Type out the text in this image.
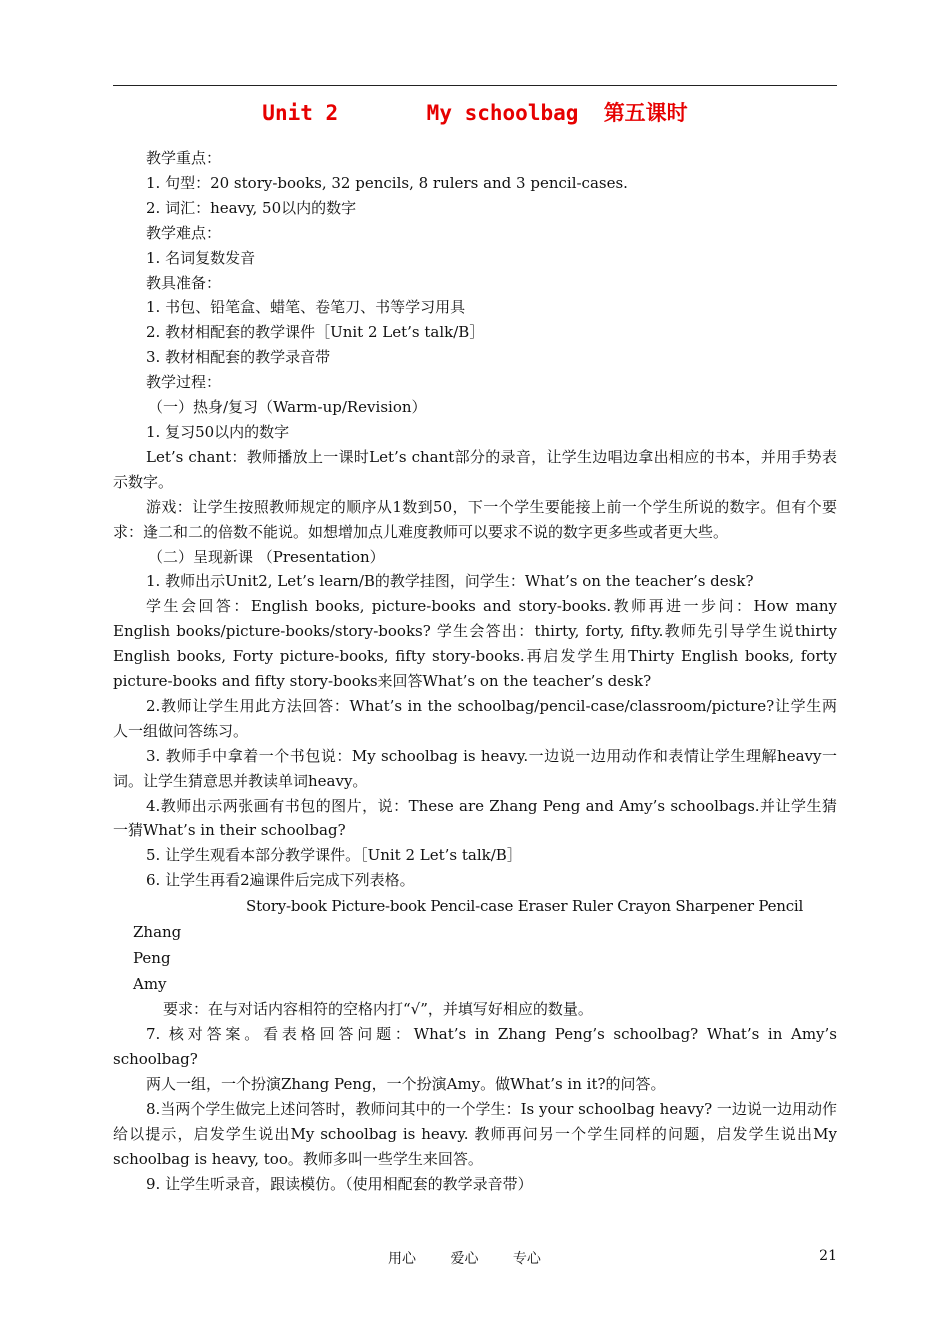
Unit 2	My schoolbag 第五课时

教学重点：

1. 句型：20 story-books, 32 pencils, 8 rulers and 3 pencil-cases.

2. 词汇：heavy, 50以内的数字

教学难点：

1. 名词复数发音

教具准备：

1. 书包、铅笔盒、蜡笔、卷笔刀、书等学习用具

2. 教材相配套的教学课件［Unit 2 Let’s talk/B］

3. 教材相配套的教学录音带

教学过程：

（一）热身/复习（Warm-up/Revision）

1. 复习50以内的数字

Let’s chant：教师播放上一课时Let’s chant部分的录音，让学生边唱边拿出相应的书本，并用手势表示数字。

游戏：让学生按照教师规定的顺序从1数到50，下一个学生要能接上前一个学生所说的数字。但有个要求：逢二和二的倍数不能说。如想增加点儿难度教师可以要求不说的数字更多些或者更大些。

（二）呈现新课 （Presentation）

1. 教师出示Unit2, Let’s learn/B的教学挂图，问学生：What’s on the teacher’s desk?

学生会回答：English books, picture-books and story-books.教师再进一步问：How many English books/picture-books/story-books? 学生会答出：thirty, forty, fifty.教师先引导学生说thirty English books, Forty picture-books, fifty story-books.再启发学生用Thirty English books, forty picture-books and fifty story-books来回答What’s on the teacher’s desk?

2.教师让学生用此方法回答：What’s in the schoolbag/pencil-case/classroom/picture?让学生两人一组做问答练习。

3. 教师手中拿着一个书包说：My schoolbag is heavy.一边说一边用动作和表情让学生理解heavy一词。让学生猜意思并教读单词heavy。

4.教师出示两张画有书包的图片，说：These are Zhang Peng and Amy’s schoolbags.并让学生猜一猜What’s in their schoolbag?

5. 让学生观看本部分教学课件。［Unit 2 Let’s talk/B］

6. 让学生再看2遍课件后完成下列表格。

Story-book Picture-book Pencil-case Eraser Ruler Crayon Sharpener Pencil

Zhang

Peng

Amy

要求：在与对话内容相符的空格内打“√”，并填写好相应的数量。

7. 核对答案。看表格回答问题：What’s in Zhang Peng’s schoolbag? What’s in Amy’s schoolbag?

两人一组，一个扮演Zhang Peng，一个扮演Amy。做What’s in it?的问答。

8.当两个学生做完上述问答时，教师问其中的一个学生：Is your schoolbag heavy? 一边说一边用动作给以提示，启发学生说出My schoolbag is heavy. 教师再问另一个学生同样的问题，启发学生说出My schoolbag is heavy, too。教师多叫一些学生来回答。

9. 让学生听录音，跟读模仿。（使用相配套的教学录音带）

用心 爱心 专心	21
